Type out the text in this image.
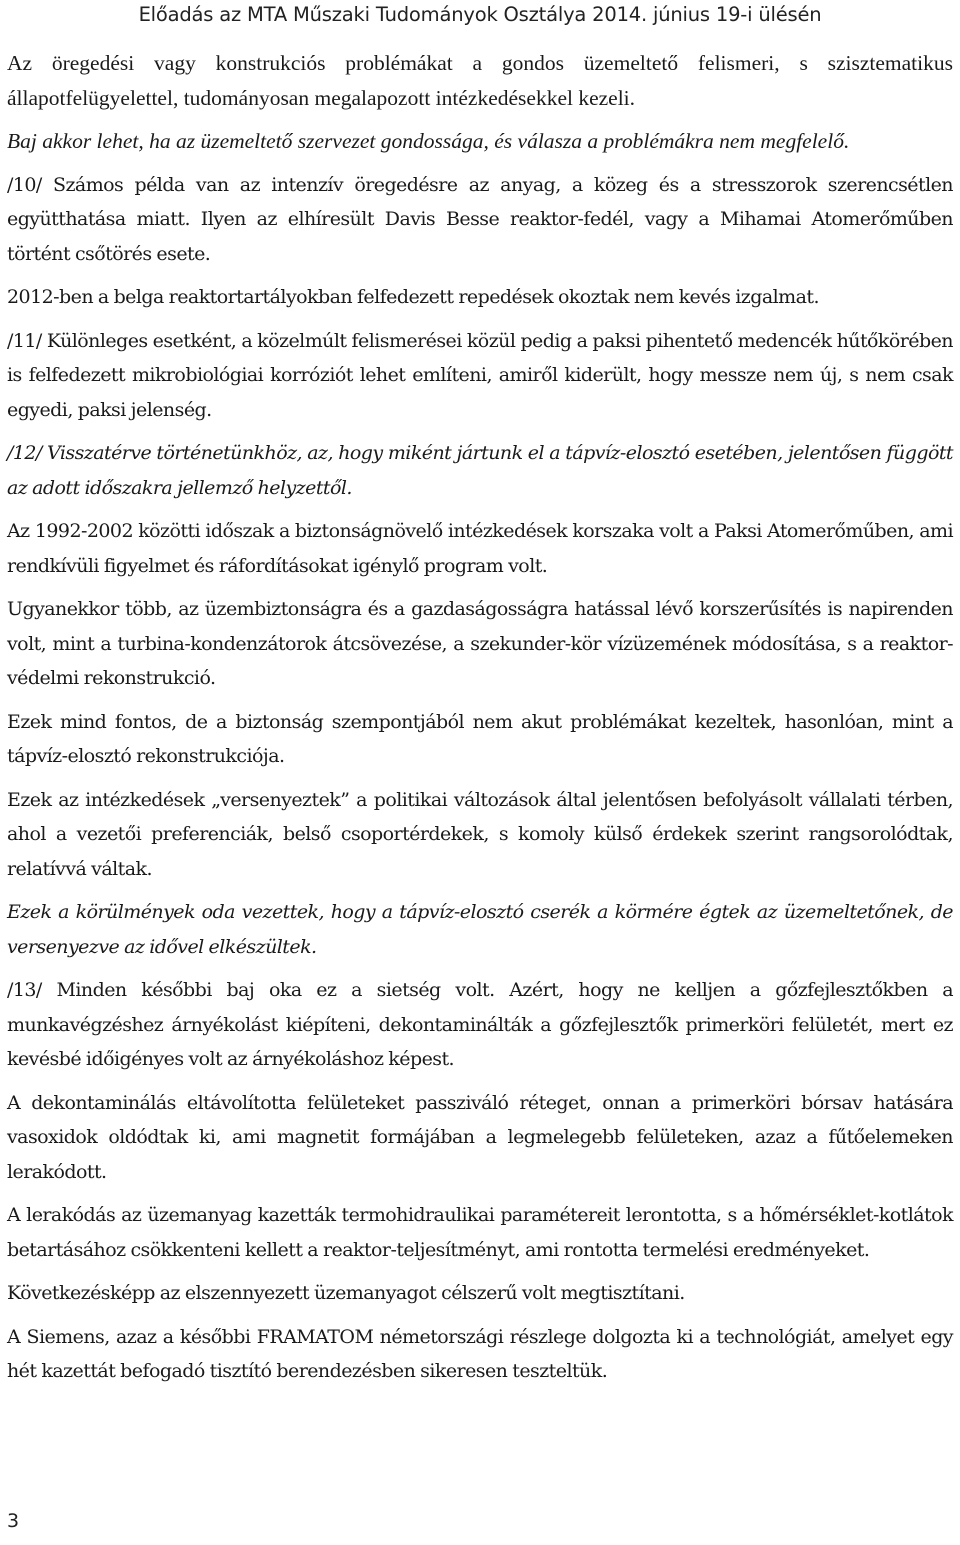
Előadás az MTA Műszaki Tudományok Osztálya 2014. június 19-i ülésén

Az öregedési vagy konstrukciós problémákat a gondos üzemeltető felismeri, s szisztematikus állapotfelügyelettel, tudományosan megalapozott intézkedésekkel kezeli.

Baj akkor lehet, ha az üzemeltető szervezet gondossága, és válasza a problémákra nem megfelelő.

/10/ Számos példa van az intenzív öregedésre az anyag, a közeg és a stresszorok szerencsétlen együtthatása miatt. Ilyen az elhíresült Davis Besse reaktor-fedél, vagy a Mihamai Atomerőműben történt csőtörés esete.

2012-ben a belga reaktortartályokban felfedezett repedések okoztak nem kevés izgalmat.

/11/ Különleges esetként, a közelmúlt felismerései közül pedig a paksi pihentető medencék hűtőkörében is felfedezett mikrobiológiai korróziót lehet említeni, amiről kiderült, hogy messze nem új, s nem csak egyedi, paksi jelenség.

/12/ Visszatérve történetünkhöz, az, hogy miként jártunk el a tápvíz-elosztó esetében, jelentősen függött az adott időszakra jellemző helyzettől.

Az 1992-2002 közötti időszak a biztonságnövelő intézkedések korszaka volt a Paksi Atomerőműben, ami rendkívüli figyelmet és ráfordításokat igénylő program volt.

Ugyanekkor több, az üzembiztonságra és a gazdaságosságra hatással lévő korszerűsítés is napirenden volt, mint a turbina-kondenzátorok átcsövezése, a szekunder-kör vízüzemének módosítása, s a reaktor-védelmi rekonstrukció.

Ezek mind fontos, de a biztonság szempontjából nem akut problémákat kezeltek, hasonlóan, mint a tápvíz-elosztó rekonstrukciója.

Ezek az intézkedések „versenyeztek” a politikai változások által jelentősen befolyásolt vállalati térben, ahol a vezetői preferenciák, belső csoportérdekek, s komoly külső érdekek szerint rangsorolódtak, relatívvá váltak.

Ezek a körülmények oda vezettek, hogy a tápvíz-elosztó cserék a körmére égtek az üzemeltetőnek, de versenyezve az idővel elkészültek.

/13/ Minden későbbi baj oka ez a sietség volt. Azért, hogy ne kelljen a gőzfejlesztőkben a munkavégzéshez árnyékolást kiépíteni, dekontaminálták a gőzfejlesztők primerköri felületét, mert ez kevésbé időigényes volt az árnyékoláshoz képest.

A dekontaminálás eltávolította felületeket passziváló réteget, onnan a primerköri bórsav hatására vasoxidok oldódtak ki, ami magnetit formájában a legmelegebb felületeken, azaz a fűtőelemeken lerakódott.

A lerakódás az üzemanyag kazetták termohidraulikai paramétereit lerontotta, s a hőmérséklet-kotlátok betartásához csökkenteni kellett a reaktor-teljesítményt, ami rontotta termelési eredményeket.

Következésképp az elszennyezett üzemanyagot célszerű volt megtisztítani.

A Siemens, azaz a későbbi FRAMATOM németországi részlege dolgozta ki a technológiát, amelyet egy hét kazettát befogadó tisztító berendezésben sikeresen teszteltük.

3
